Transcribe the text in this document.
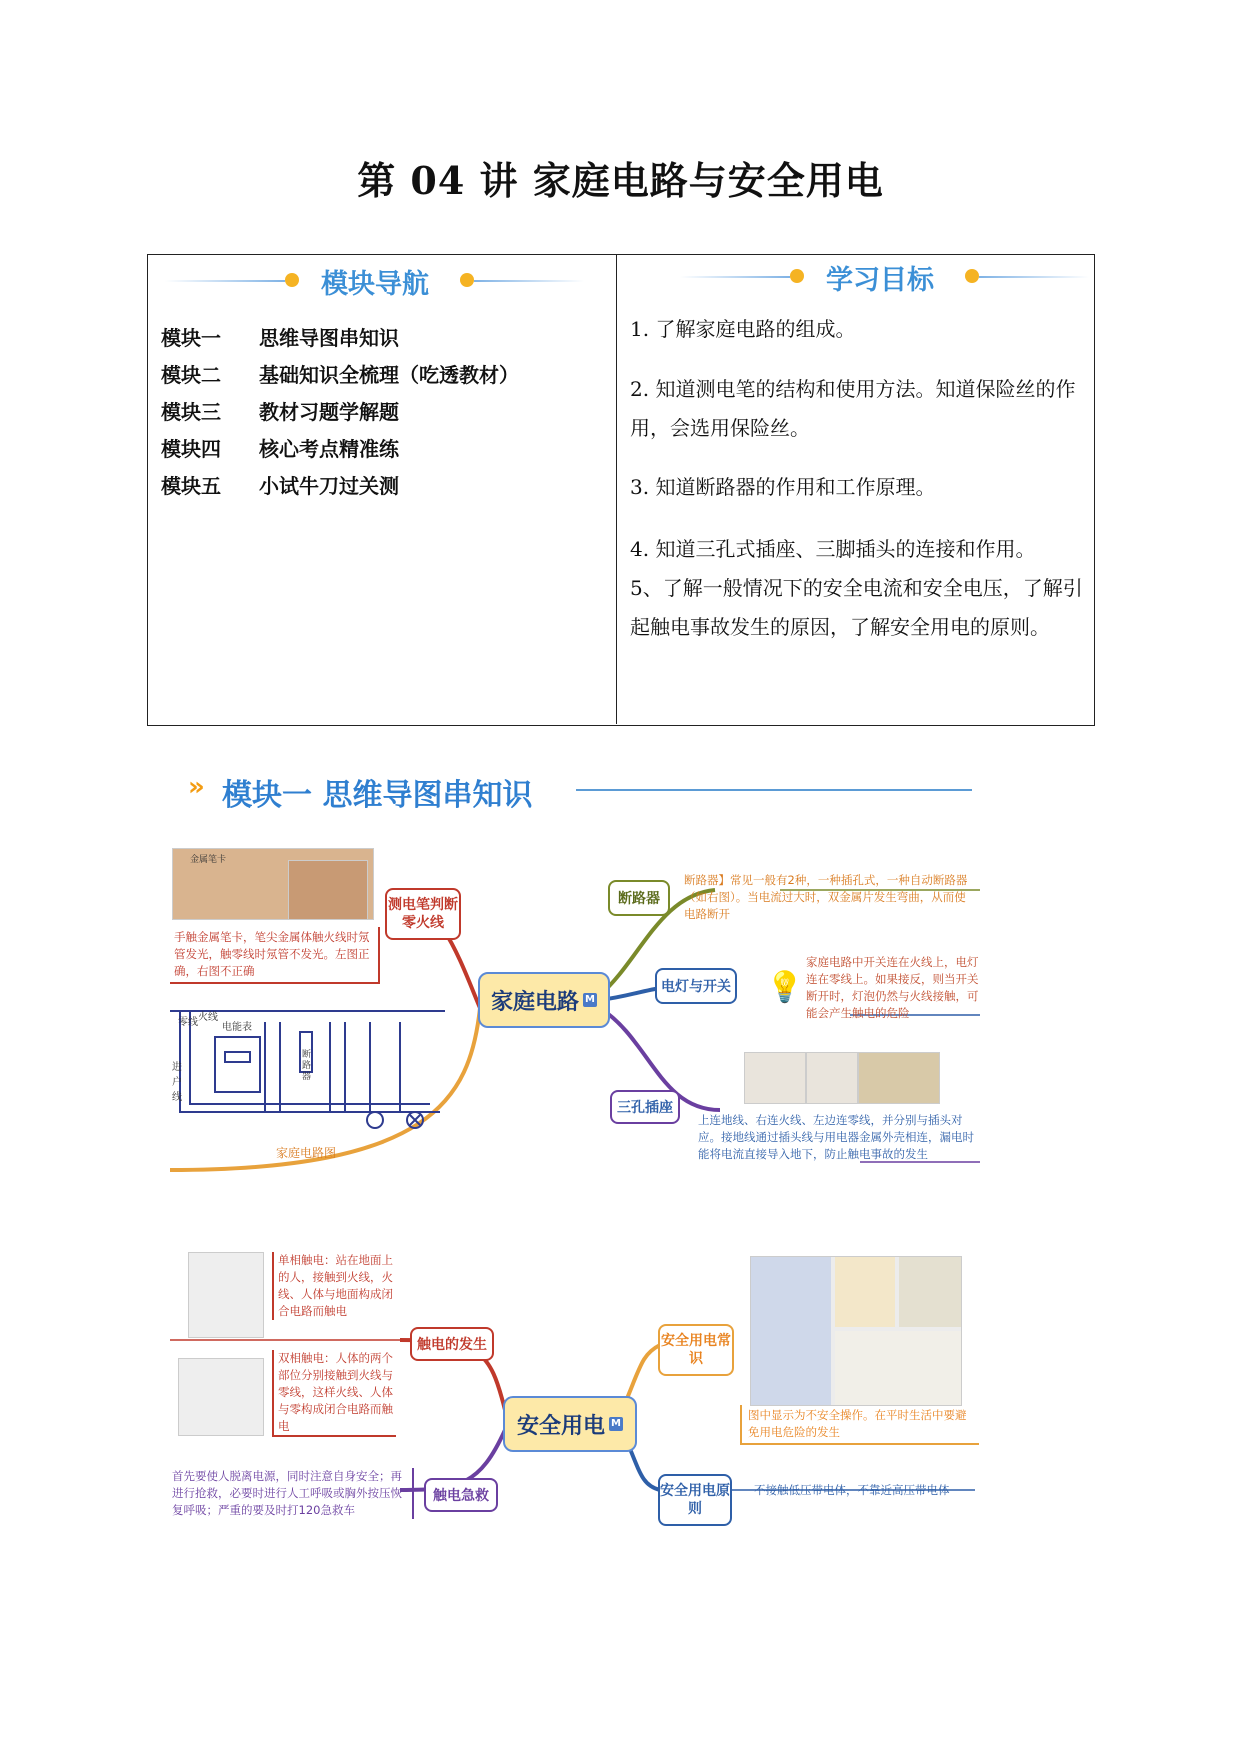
第 04 讲 家庭电路与安全用电
模块导航
模块一 思维导图串知识
模块二 基础知识全梳理（吃透教材）
模块三 教材习题学解题
模块四 核心考点精准练
模块五 小试牛刀过关测
学习目标
1. 了解家庭电路的组成。
2. 知道测电笔的结构和使用方法。知道保险丝的作用，会选用保险丝。
3. 知道断路器的作用和工作原理。
4. 知道三孔式插座、三脚插头的连接和作用。
5、了解一般情况下的安全电流和安全电压，了解引起触电事故发生的原因，了解安全用电的原则。
» 模块一 思维导图串知识
家庭电路 M
金属笔卡
测电笔判断零火线
手触金属笔卡，笔尖金属体触火线时氖管发光，触零线时氖管不发光。左图正确，右图不正确
零线 火线
电能表
进户线
断路器
家庭电路图
断路器
断路器】常见一般有2种，一种插孔式，一种自动断路器（如右图）。当电流过大时，双金属片发生弯曲，从而使电路断开
电灯与开关 💡
家庭电路中开关连在火线上，电灯连在零线上。如果接反，则当开关断开时，灯泡仍然与火线接触，可能会产生触电的危险
三孔插座
上连地线、右连火线、左边连零线，并分别与插头对应。接地线通过插头线与用电器金属外壳相连，漏电时能将电流直接导入地下，防止触电事故的发生
安全用电 M
单相触电：站在地面上的人，接触到火线，火线、人体与地面构成闭合电路而触电
触电的发生
双相触电：人体的两个部位分别接触到火线与零线，这样火线、人体与零构成闭合电路而触电
首先要使人脱离电源，同时注意自身安全；再进行抢救，必要时进行人工呼吸或胸外按压恢复呼吸；严重的要及时打120急救车
触电急救
安全用电常识
图中显示为不安全操作。在平时生活中要避免用电危险的发生
安全用电原则
不接触低压带电体，不靠近高压带电体
